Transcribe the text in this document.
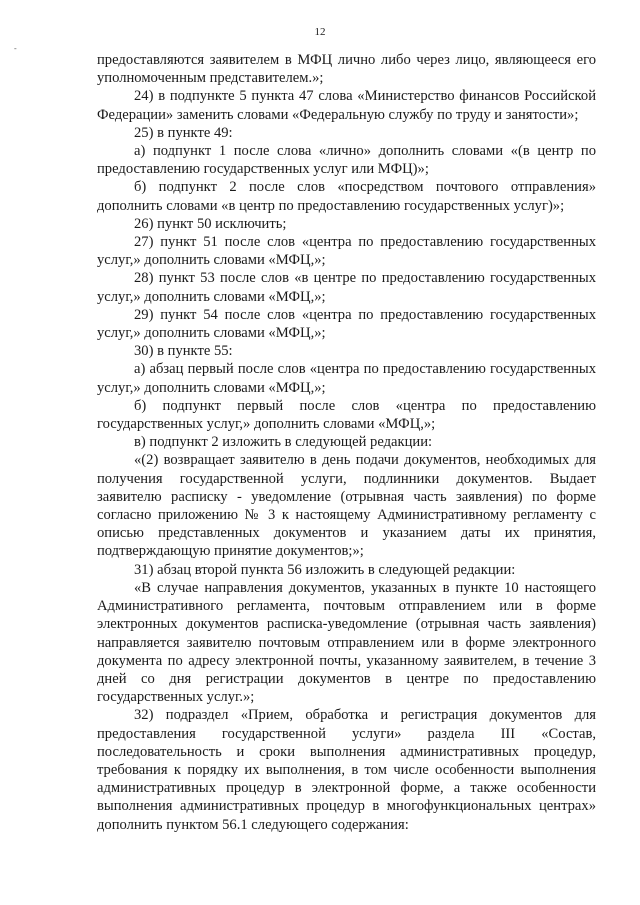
-
12

предоставляются заявителем в МФЦ лично либо через лицо, являющееся его уполномоченным представителем.»;

24) в подпункте 5 пункта 47 слова «Министерство финансов Российской Федерации» заменить словами «Федеральную службу по труду и занятости»;

25) в пункте 49:

а) подпункт 1 после слова «лично» дополнить словами «(в центр по предоставлению государственных услуг или МФЦ)»;

б) подпункт 2 после слов «посредством почтового отправления» дополнить словами «в центр по предоставлению государственных услуг)»;

26) пункт 50 исключить;

27) пункт 51 после слов «центра по предоставлению государственных услуг,» дополнить словами «МФЦ,»;

28) пункт 53 после слов «в центре по предоставлению государственных услуг,» дополнить словами «МФЦ,»;

29) пункт 54 после слов «центра по предоставлению государственных услуг,» дополнить словами «МФЦ,»;

30) в пункте 55:

а) абзац первый после слов «центра по предоставлению государственных услуг,» дополнить словами «МФЦ,»;

б) подпункт первый после слов «центра по предоставлению государственных услуг,» дополнить словами «МФЦ,»;

в) подпункт 2 изложить в следующей редакции:

«(2) возвращает заявителю в день подачи документов, необходимых для получения государственной услуги, подлинники документов. Выдает заявителю расписку - уведомление (отрывная часть заявления) по форме согласно приложению № 3 к настоящему Административному регламенту с описью представленных документов и указанием даты их принятия, подтверждающую принятие документов;»;

31) абзац второй пункта 56 изложить в следующей редакции:

«В случае направления документов, указанных в пункте 10 настоящего Административного регламента, почтовым отправлением или в форме электронных документов расписка-уведомление (отрывная часть заявления) направляется заявителю почтовым отправлением или в форме электронного документа по адресу электронной почты, указанному заявителем, в течение 3 дней со дня регистрации документов в центре по предоставлению государственных услуг.»;

32) подраздел «Прием, обработка и регистрация документов для предоставления государственной услуги» раздела III «Состав, последовательность и сроки выполнения административных процедур, требования к порядку их выполнения, в том числе особенности выполнения административных процедур в электронной форме, а также особенности выполнения административных процедур в многофункциональных центрах» дополнить пунктом 56.1 следующего содержания:
